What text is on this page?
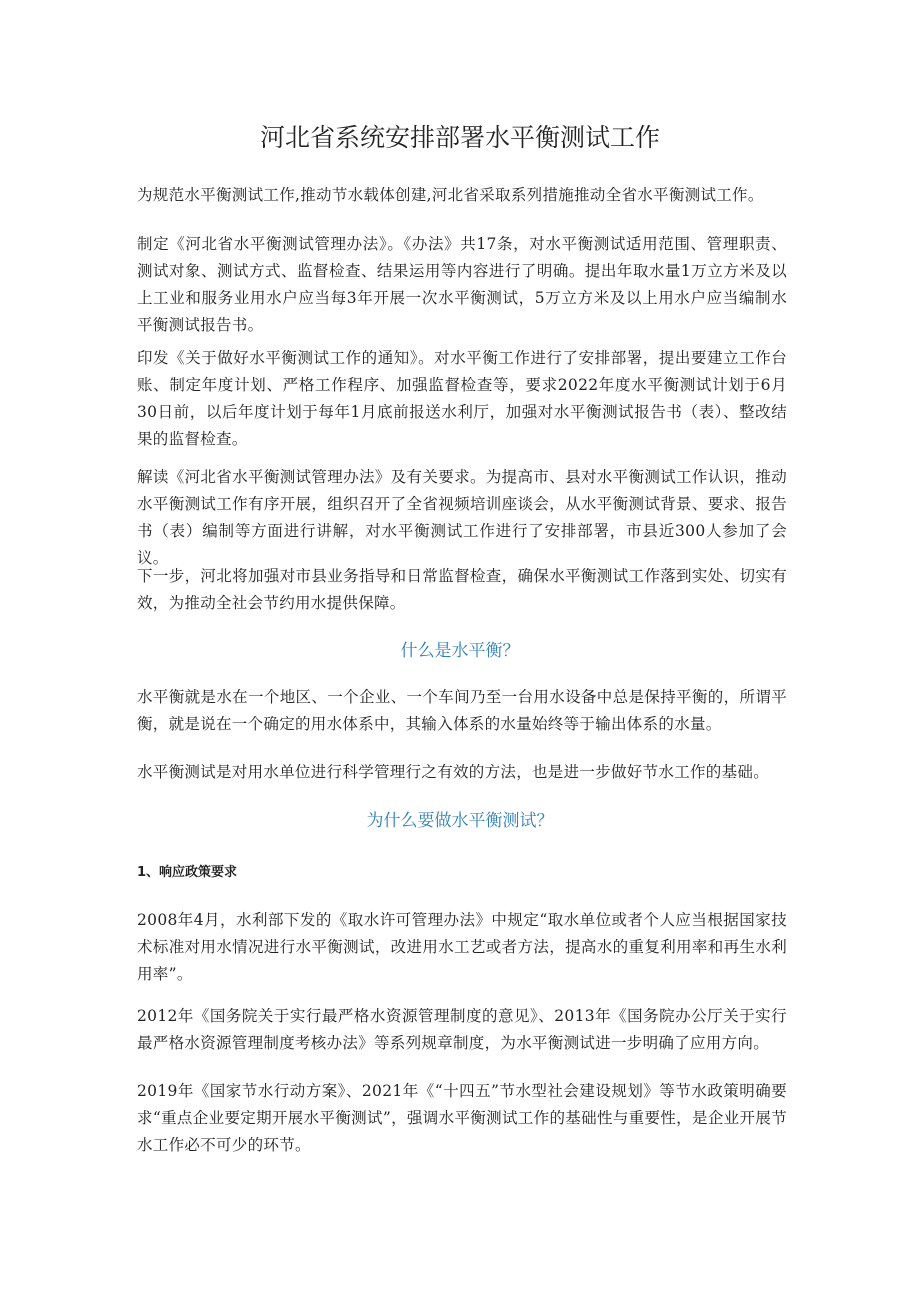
河北省系统安排部署水平衡测试工作

为规范水平衡测试工作,推动节水载体创建,河北省采取系列措施推动全省水平衡测试工作。

制定《河北省水平衡测试管理办法》。《办法》共17条，对水平衡测试适用范围、管理职责、测试对象、测试方式、监督检查、结果运用等内容进行了明确。提出年取水量1万立方米及以上工业和服务业用水户应当每3年开展一次水平衡测试，5万立方米及以上用水户应当编制水平衡测试报告书。

印发《关于做好水平衡测试工作的通知》。对水平衡工作进行了安排部署，提出要建立工作台账、制定年度计划、严格工作程序、加强监督检查等，要求2022年度水平衡测试计划于6月30日前，以后年度计划于每年1月底前报送水利厅，加强对水平衡测试报告书（表）、整改结果的监督检查。

解读《河北省水平衡测试管理办法》及有关要求。为提高市、县对水平衡测试工作认识，推动水平衡测试工作有序开展，组织召开了全省视频培训座谈会，从水平衡测试背景、要求、报告书（表）编制等方面进行讲解，对水平衡测试工作进行了安排部署，市县近300人参加了会议。

下一步，河北将加强对市县业务指导和日常监督检查，确保水平衡测试工作落到实处、切实有效，为推动全社会节约用水提供保障。

什么是水平衡？

水平衡就是水在一个地区、一个企业、一个车间乃至一台用水设备中总是保持平衡的，所谓平衡，就是说在一个确定的用水体系中，其输入体系的水量始终等于输出体系的水量。

水平衡测试是对用水单位进行科学管理行之有效的方法，也是进一步做好节水工作的基础。

为什么要做水平衡测试？
1、响应政策要求

2008年4月，水利部下发的《取水许可管理办法》中规定“取水单位或者个人应当根据国家技术标准对用水情况进行水平衡测试，改进用水工艺或者方法，提高水的重复利用率和再生水利用率”。

2012年《国务院关于实行最严格水资源管理制度的意见》、2013年《国务院办公厅关于实行最严格水资源管理制度考核办法》等系列规章制度，为水平衡测试进一步明确了应用方向。

2019年《国家节水行动方案》、2021年《“十四五”节水型社会建设规划》等节水政策明确要求“重点企业要定期开展水平衡测试”，强调水平衡测试工作的基础性与重要性，是企业开展节水工作必不可少的环节。
